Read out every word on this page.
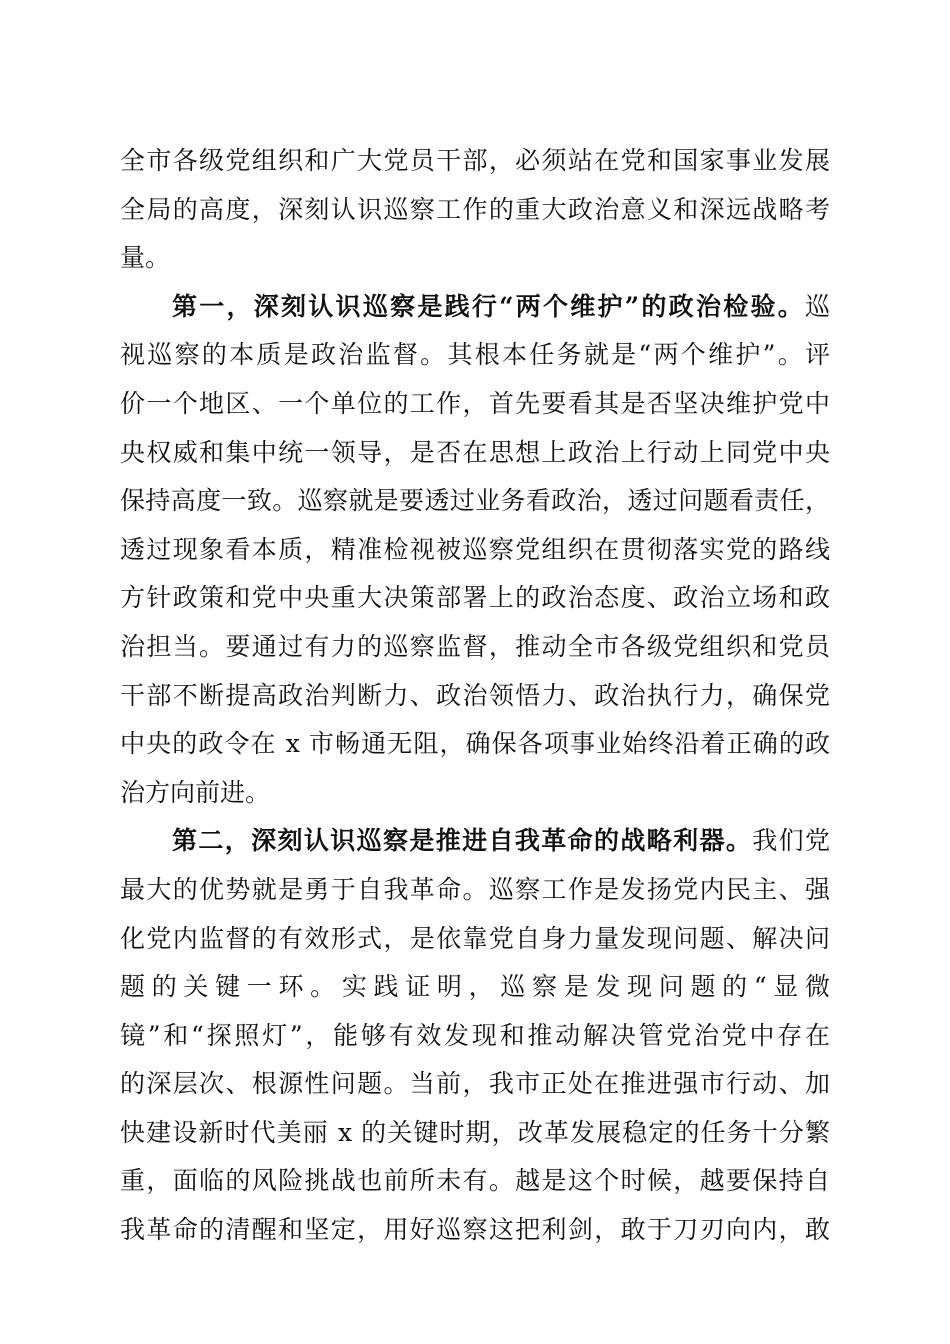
全市各级党组织和广大党员干部，必须站在党和国家事业发展
全局的高度，深刻认识巡察工作的重大政治意义和深远战略考
量。
第一，深刻认识巡察是践行“两个维护”的政治检验。巡
视巡察的本质是政治监督。其根本任务就是“两个维护”。评
价一个地区、一个单位的工作，首先要看其是否坚决维护党中
央权威和集中统一领导，是否在思想上政治上行动上同党中央
保持高度一致。巡察就是要透过业务看政治，透过问题看责任，
透过现象看本质，精准检视被巡察党组织在贯彻落实党的路线
方针政策和党中央重大决策部署上的政治态度、政治立场和政
治担当。要通过有力的巡察监督，推动全市各级党组织和党员
干部不断提高政治判断力、政治领悟力、政治执行力，确保党
中央的政令在 x 市畅通无阻，确保各项事业始终沿着正确的政
治方向前进。
第二，深刻认识巡察是推进自我革命的战略利器。我们党
最大的优势就是勇于自我革命。巡察工作是发扬党内民主、强
化党内监督的有效形式，是依靠党自身力量发现问题、解决问
题的关键一环。实践证明，巡察是发现问题的“显微
镜”和“探照灯”，能够有效发现和推动解决管党治党中存在
的深层次、根源性问题。当前，我市正处在推进强市行动、加
快建设新时代美丽 x 的关键时期，改革发展稳定的任务十分繁
重，面临的风险挑战也前所未有。越是这个时候，越要保持自
我革命的清醒和坚定，用好巡察这把利剑，敢于刀刃向内，敢
